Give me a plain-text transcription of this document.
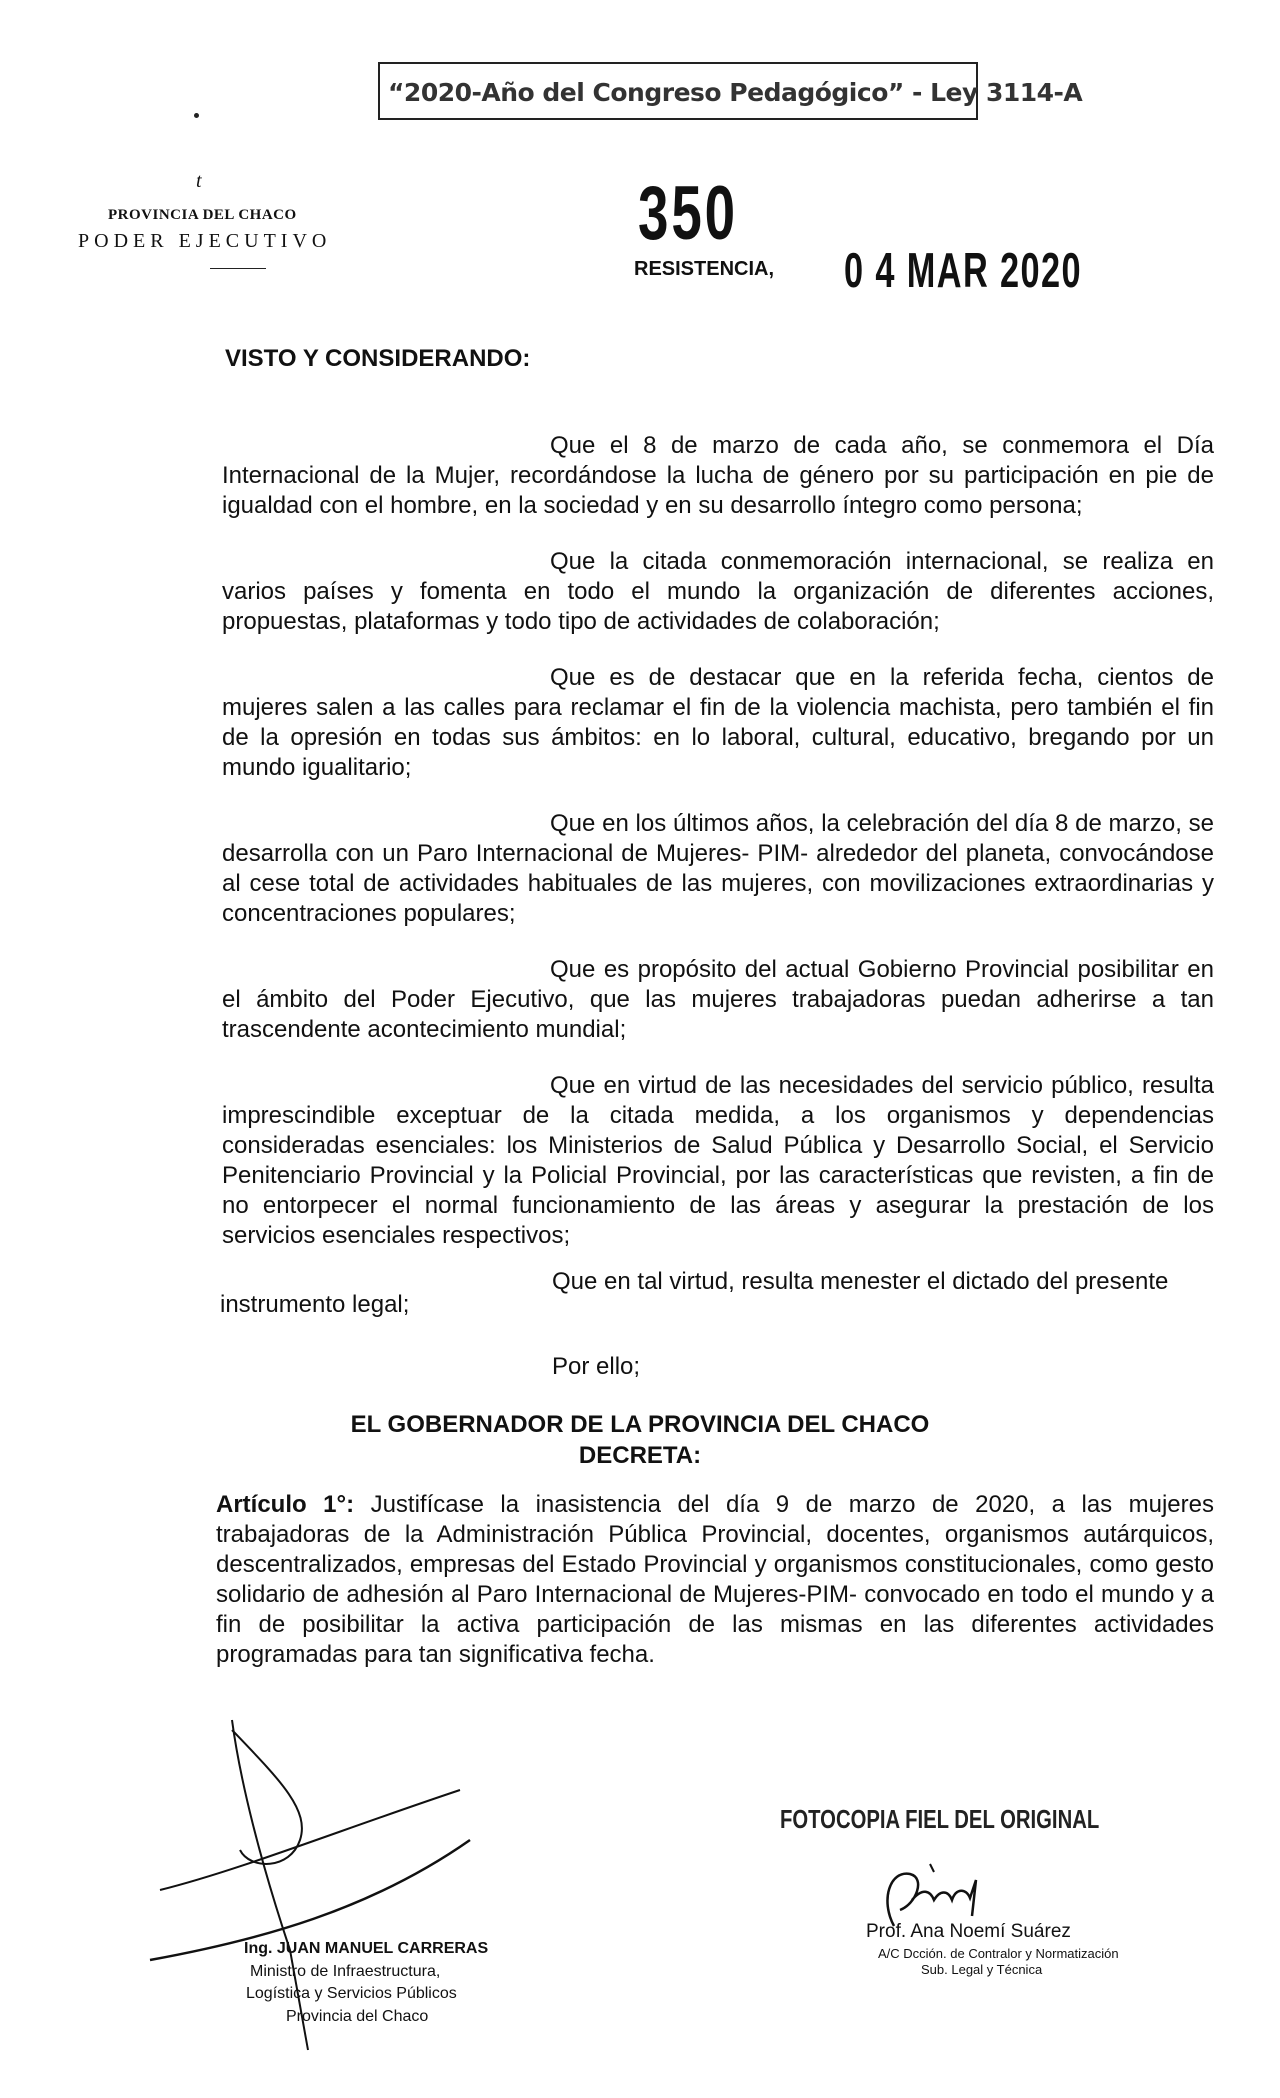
“2020-Año del Congreso Pedagógico” - Ley 3114-A
t
PROVINCIA DEL CHACO
PODER EJECUTIVO	350
RESISTENCIA, 0 4 MAR 2020
VISTO Y CONSIDERANDO:

Que el 8 de marzo de cada año, se conmemora el Día Internacional de la Mujer, recordándose la lucha de género por su participación en pie de igualdad con el hombre, en la sociedad y en su desarrollo íntegro como persona;

Que la citada conmemoración internacional, se realiza en varios países y fomenta en todo el mundo la organización de diferentes acciones, propuestas, plataformas y todo tipo de actividades de colaboración;

Que es de destacar que en la referida fecha, cientos de mujeres salen a las calles para reclamar el fin de la violencia machista, pero también el fin de la opresión en todas sus ámbitos: en lo laboral, cultural, educativo, bregando por un mundo igualitario;

Que en los últimos años, la celebración del día 8 de marzo, se desarrolla con un Paro Internacional de Mujeres- PIM- alrededor del planeta, convocándose al cese total de actividades habituales de las mujeres, con movilizaciones extraordinarias y concentraciones populares;

Que es propósito del actual Gobierno Provincial posibilitar en el ámbito del Poder Ejecutivo, que las mujeres trabajadoras puedan adherirse a tan trascendente acontecimiento mundial;

Que en virtud de las necesidades del servicio público, resulta imprescindible exceptuar de la citada medida, a los organismos y dependencias consideradas esenciales: los Ministerios de Salud Pública y Desarrollo Social, el Servicio Penitenciario Provincial y la Policial Provincial, por las características que revisten, a fin de no entorpecer el normal funcionamiento de las áreas y asegurar la prestación de los servicios esenciales respectivos;

Que en tal virtud, resulta menester el dictado del presente
instrumento legal;
Por ello;
EL GOBERNADOR DE LA PROVINCIA DEL CHACO
DECRETA:

Artículo 1°: Justifícase la inasistencia del día 9 de marzo de 2020, a las mujeres trabajadoras de la Administración Pública Provincial, docentes, organismos autárquicos, descentralizados, empresas del Estado Provincial y organismos constitucionales, como gesto solidario de adhesión al Paro Internacional de Mujeres-PIM- convocado en todo el mundo y a fin de posibilitar la activa participación de las mismas en las diferentes actividades programadas para tan significativa fecha.

Ing. JUAN MANUEL CARRERAS
Ministro de Infraestructura,
Logística y Servicios Públicos
Provincia del Chaco
FOTOCOPIA FIEL DEL ORIGINAL
Prof. Ana Noemí Suárez
A/C Dcción. de Contralor y Normatización
Sub. Legal y Técnica
